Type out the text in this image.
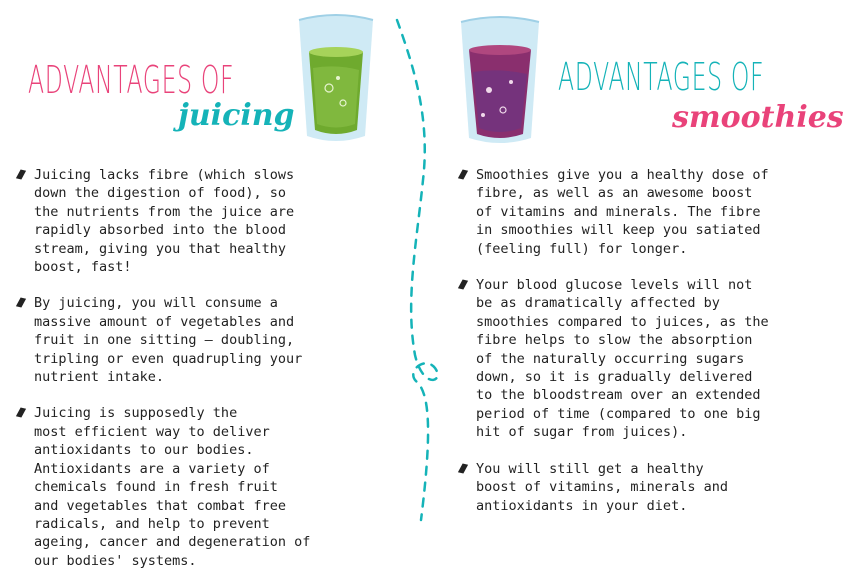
ADVANTAGES OF
juicing
Juicing lacks fibre (which slows
down the digestion of food), so
the nutrients from the juice are
rapidly absorbed into the blood
stream, giving you that healthy
boost, fast!
By juicing, you will consume a
massive amount of vegetables and
fruit in one sitting — doubling,
tripling or even quadrupling your
nutrient intake.
Juicing is supposedly the
most efficient way to deliver
antioxidants to our bodies.
Antioxidants are a variety of
chemicals found in fresh fruit
and vegetables that combat free
radicals, and help to prevent
ageing, cancer and degeneration of
our bodies' systems.
ADVANTAGES OF
smoothies
Smoothies give you a healthy dose of
fibre, as well as an awesome boost
of vitamins and minerals. The fibre
in smoothies will keep you satiated
(feeling full) for longer.
Your blood glucose levels will not
be as dramatically affected by
smoothies compared to juices, as the
fibre helps to slow the absorption
of the naturally occurring sugars
down, so it is gradually delivered
to the bloodstream over an extended
period of time (compared to one big
hit of sugar from juices).
You will still get a healthy
boost of vitamins, minerals and
antioxidants in your diet.
